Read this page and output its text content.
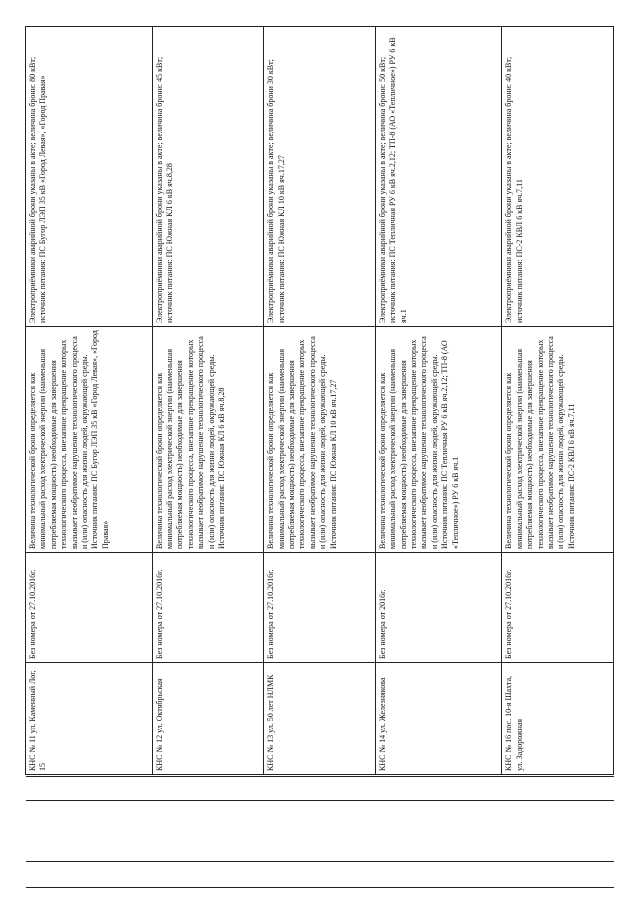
КНС № 11 ул. Каменный Лог, 15	Без номера от 27.10.2016г.	Величина технологической брони определяется как минимальный расход электрической энергии (наименьшая потребляемая мощность) необходимые для завершения технологического процесса, внезапное прекращение которых вызывает необратимое нарушение технологического процесса и (или) опасность для жизни людей, окружающей среды. Источник питания: ПС Бугор ЛЭП 35 кВ «Город Левая», «Город Правая»	Электроприёмники аварийной брони указаны в акте; величина брони: 80 кВт; источник питания: ПС Бугор ЛЭП 35 кВ «Город Левая», «Город Правая»
КНС № 12 ул. Октябрьская	Без номера от 27.10.2016г.	Величина технологической брони определяется как минимальный расход электрической энергии (наименьшая потребляемая мощность) необходимые для завершения технологического процесса, внезапное прекращение которых вызывает необратимое нарушение технологического процесса и (или) опасность для жизни людей, окружающей среды. Источник питания: ПС Южная КЛ 6 кВ яч.8,28	Электроприёмники аварийной брони указаны в акте; величина брони: 45 кВт; источник питания: ПС Южная КЛ 6 кВ яч.8,28
КНС № 13 ул. 50 лет НЛМК	Без номера от 27.10.2016г.	Величина технологической брони определяется как минимальный расход электрической энергии (наименьшая потребляемая мощность) необходимые для завершения технологического процесса, внезапное прекращение которых вызывает необратимое нарушение технологического процесса и (или) опасность для жизни людей, окружающей среды. Источник питания: ПС Южная КЛ 10 кВ яч.17,27	Электроприёмники аварийной брони указаны в акте; величина брони 30 кВт; источник питания: ПС Южная КЛ 10 кВ яч.17,27
КНС № 14 ул. Железнякова	Без номера от 2016г.	Величина технологической брони определяется как минимальный расход электрической энергии (наименьшая потребляемая мощность) необходимые для завершения технологического процесса, внезапное прекращение которых вызывает необратимое нарушение технологического процесса и (или) опасность для жизни людей, окружающей среды. Источник питания: ПС Тепличная РУ 6 кВ яч.2,12; ТП-8 (АО «Тепличное») РУ 6 кВ яч.1	Электроприёмники аварийной брони указаны в акте; величина брони: 50 кВт; источник питания: ПС Тепличная РУ 6 кВ яч.2,12; ТП-8 (АО «Тепличное») РУ 6 кВ яч.1
КНС № 16 пос. 10-я Шахта, ул. Задорожная	Без номера от 27.10.2016г.	Величина технологической брони определяется как минимальный расход электрической энергии (наименьшая потребляемая мощность) необходимые для завершения технологического процесса, внезапное прекращение которых вызывает необратимое нарушение технологического процесса и (или) опасность для жизни людей, окружающей среды. Источник питания: ПС-2 КВЛ 6 кВ яч.7,11	Электроприёмники аварийной брони указаны в акте; величина брони: 40 кВт; источник питания: ПС-2 КВЛ 6 кВ яч.7,11
